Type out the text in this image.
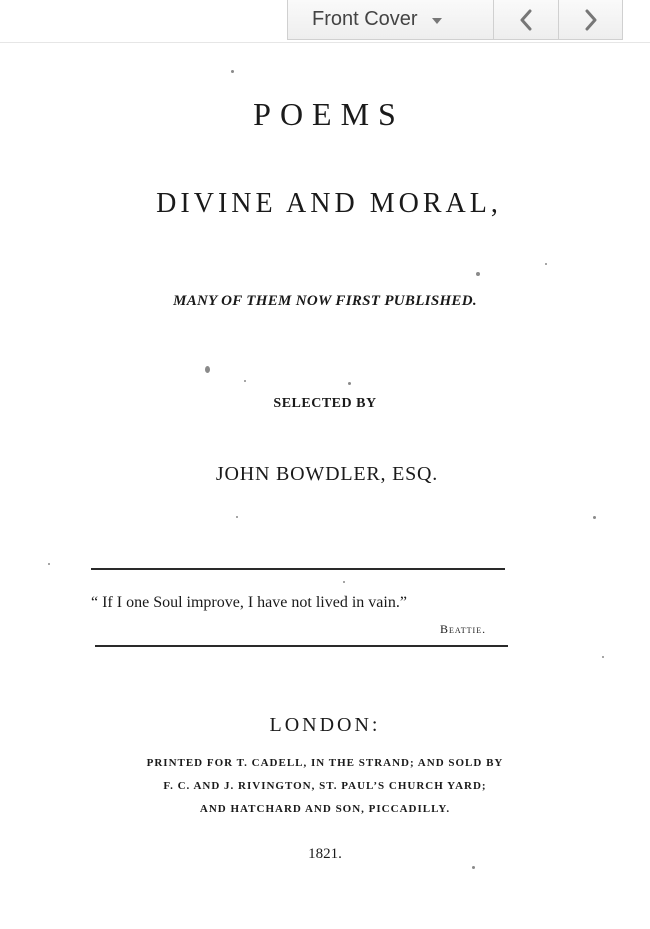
Front Cover
POEMS
DIVINE AND MORAL,
MANY OF THEM NOW FIRST PUBLISHED.
SELECTED BY
JOHN BOWDLER, ESQ.
“ If I one Soul improve, I have not lived in vain.”
Beattie.
LONDON:
PRINTED FOR T. CADELL, IN THE STRAND; AND SOLD BY
F. C. AND J. RIVINGTON, ST. PAUL’S CHURCH YARD;
AND HATCHARD AND SON, PICCADILLY.
1821.
